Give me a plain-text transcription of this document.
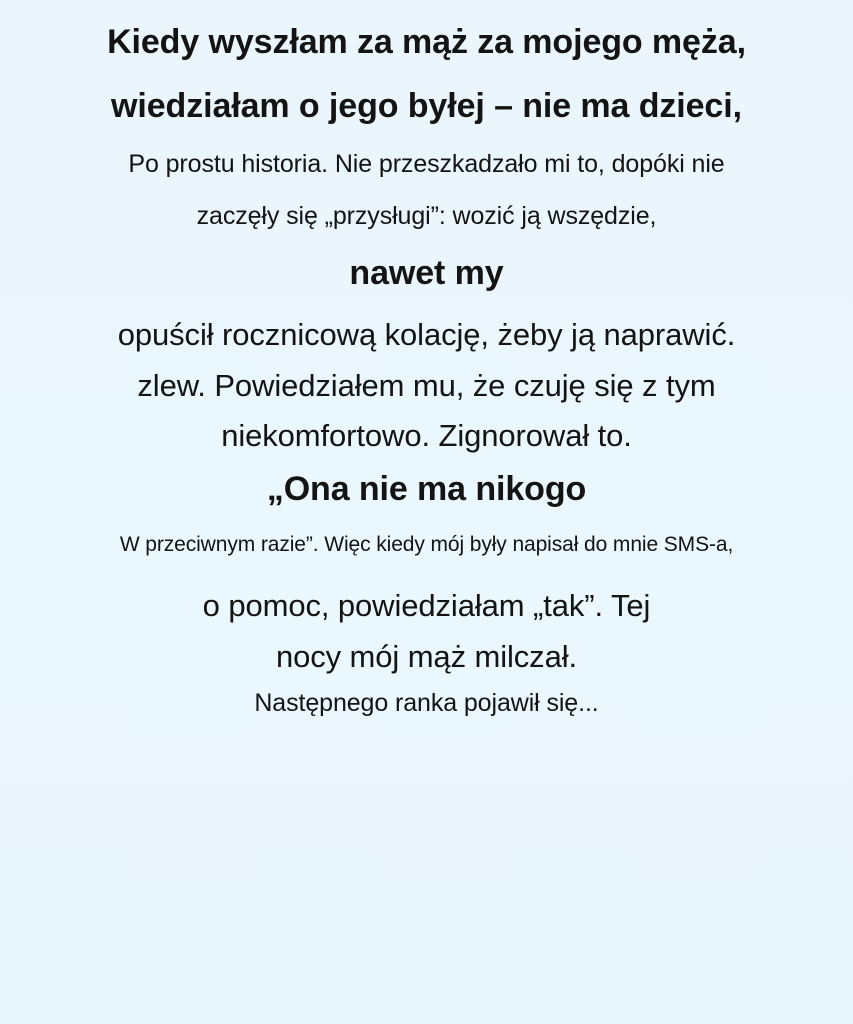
Kiedy wyszłam za mąż za mojego męża,
wiedziałam o jego byłej – nie ma dzieci,
Po prostu historia. Nie przeszkadzało mi to, dopóki nie
zaczęły się „przysługi”: wozić ją wszędzie,
nawet my
opuścił rocznicową kolację, żeby ją naprawić.
zlew. Powiedziałem mu, że czuję się z tym
niekomfortowo. Zignorował to.
„Ona nie ma nikogo
W przeciwnym razie”. Więc kiedy mój były napisał do mnie SMS-a,
o pomoc, powiedziałam „tak”. Tej
nocy mój mąż milczał.
Następnego ranka pojawił się...
